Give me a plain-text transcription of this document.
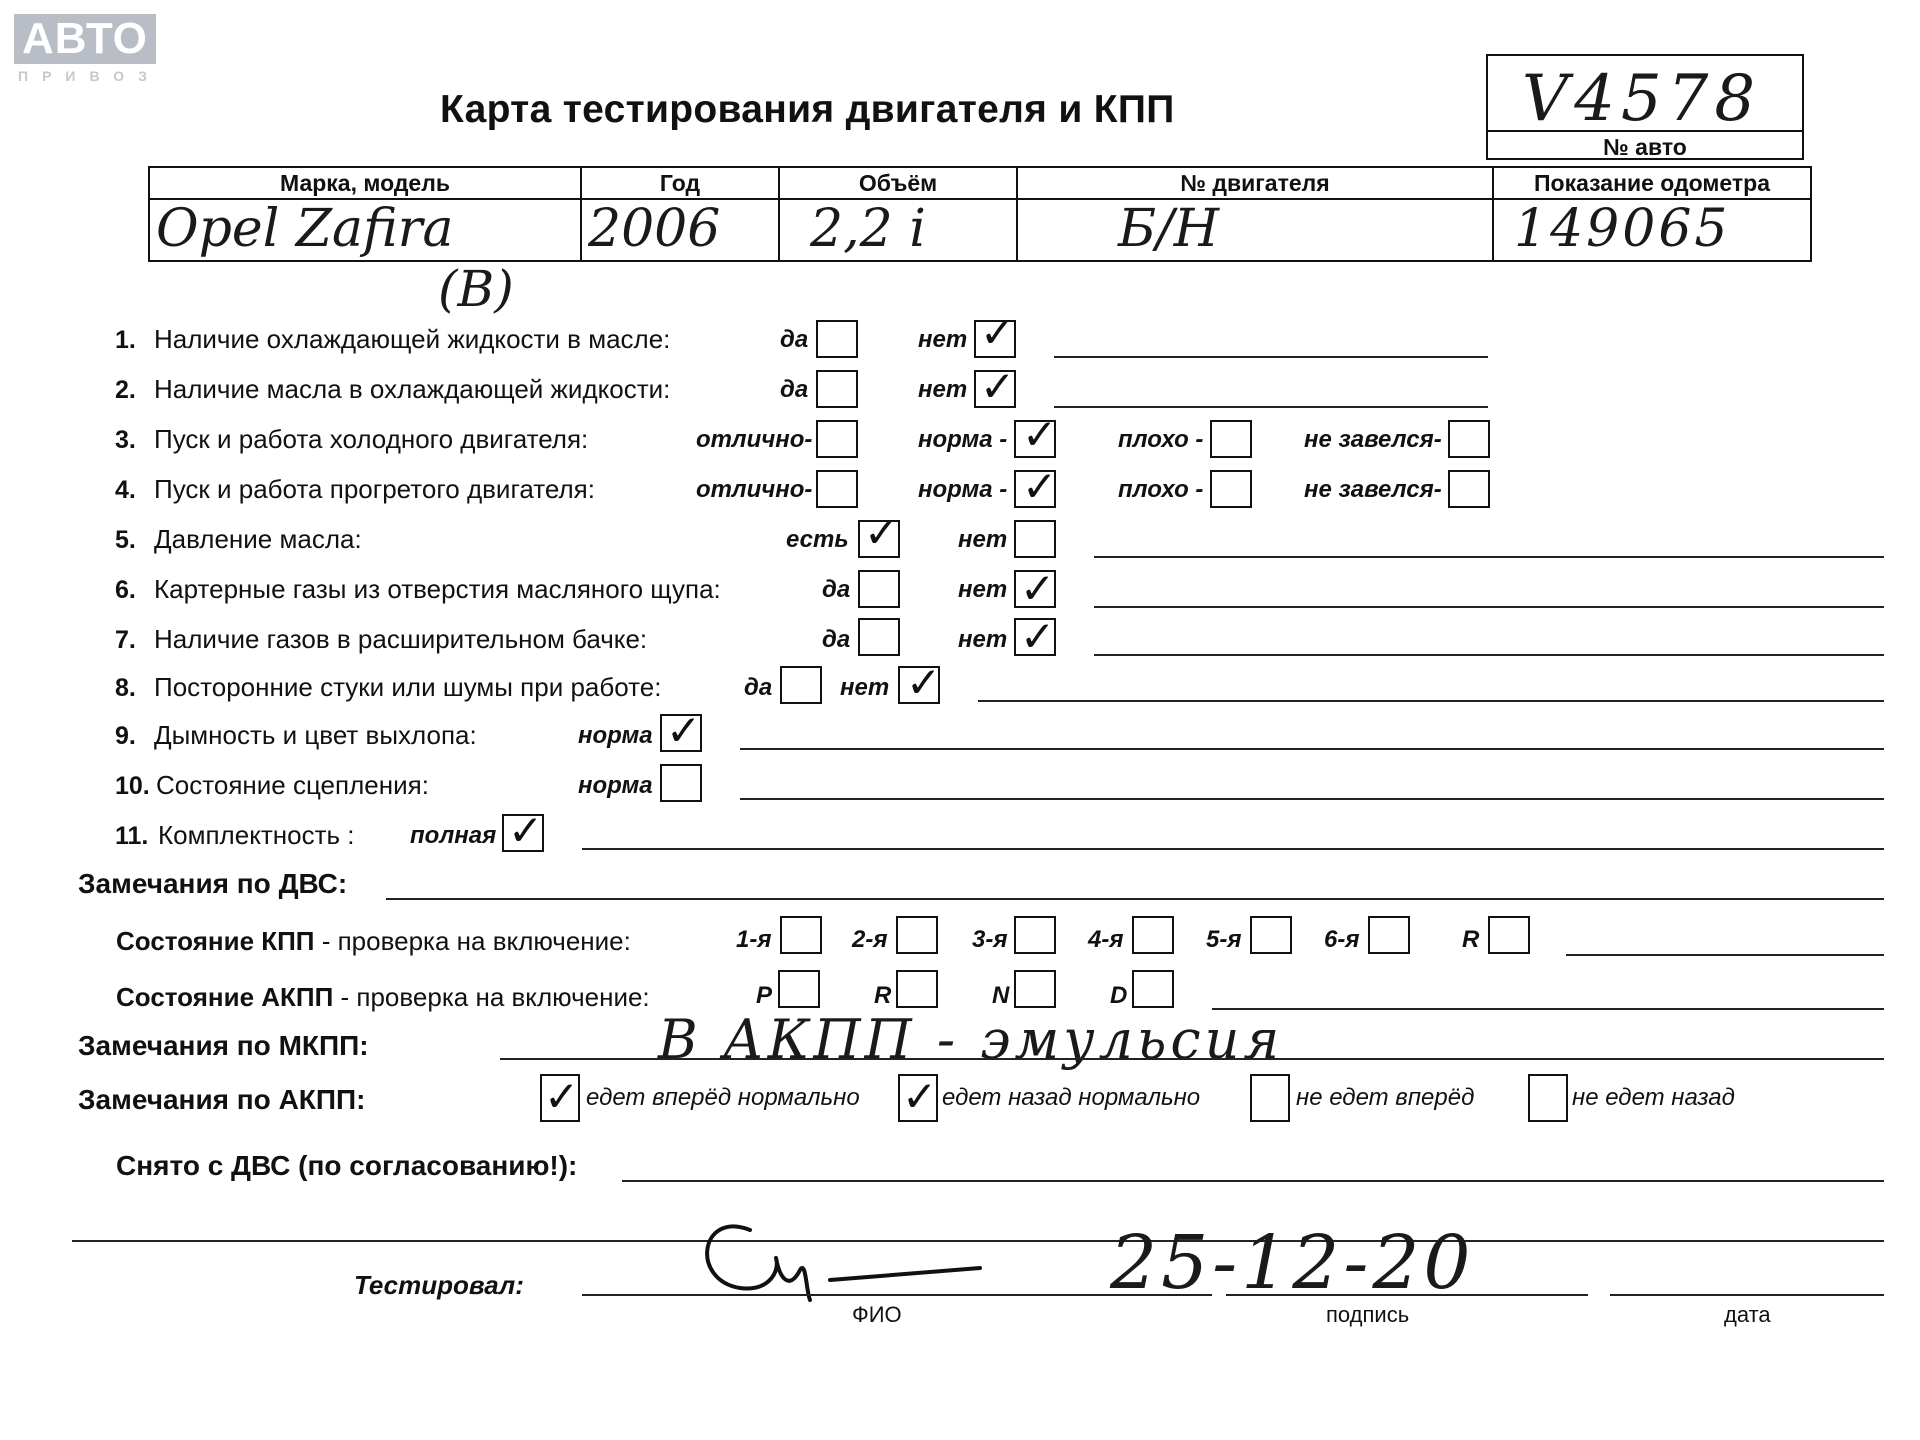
АВТО
ПРИВОЗ
Карта тестирования двигателя и КПП	V4578
№ авто
Марка, модель	Год	Объём	№ двигателя	Показание одометра

Opel Zafira	2006	2,2 i	Б/Н	149065
(B)
1. Наличие охлаждающей жидкости в масле:	да	нет ✓
2. Наличие масла в охлаждающей жидкости:	да	нет ✓
3. Пуск и работа холодного двигателя:	отлично-	норма - ✓	плохо -	не завелся-
4. Пуск и работа прогретого двигателя:	отлично-	норма - ✓	плохо -	не завелся-
5. Давление масла:	есть ✓ нет
6. Картерные газы из отверстия масляного щупа:	да	нет ✓
7. Наличие газов в расширительном бачке:	да	нет ✓
8. Посторонние стуки или шумы при работе:	да	нет ✓
9. Дымность и цвет выхлопа:	норма ✓
10. Состояние сцепления:	норма
11. Комплектность : полная ✓
Замечания по ДВС:
Состояние КПП - проверка на включение:	1-я	2-я	3-я	4-я	5-я	6-я	R
Состояние АКПП - проверка на включение:	P	R	N	D
Замечания по МКПП:	В АКПП - эмульсия
Замечания по АКПП:	✓ едет вперёд нормально ✓ едет назад нормально	не едет вперёд	не едет назад
Снято с ДВС (по согласованию!):
Тестировал:	25-12-20
ФИО	подпись	дата
